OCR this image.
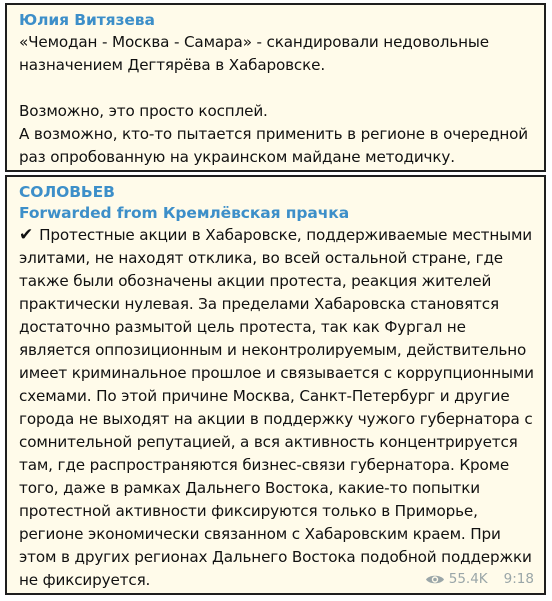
Юлия Витязева
«Чемодан - Москва - Самара» - скандировали недовольные назначением Дегтярёва в Хабаровске.
Возможно, это просто косплей.
А возможно, кто-то пытается применить в регионе в очередной раз опробованную на украинском майдане методичку.
СОЛОВЬЕВ
Forwarded from Кремлёвская прачка
✔ Протестные акции в Хабаровске, поддерживаемые местными элитами, не находят отклика, во всей остальной стране, где также были обозначены акции протеста, реакция жителей практически нулевая. За пределами Хабаровска становятся достаточно размытой цель протеста, так как Фургал не является оппозиционным и неконтролируемым, действительно имеет криминальное прошлое и связывается с коррупционными схемами. По этой причине Москва, Санкт-Петербург и другие города не выходят на акции в поддержку чужого губернатора с сомнительной репутацией, а вся активность концентрируется там, где распространяются бизнес-связи губернатора. Кроме того, даже в рамках Дальнего Востока, какие-то попытки протестной активности фиксируются только в Приморье, регионе экономически связанном с Хабаровским краем. При этом в других регионах Дальнего Востока подобной поддержки не фиксируется.	55.4K 9:18
